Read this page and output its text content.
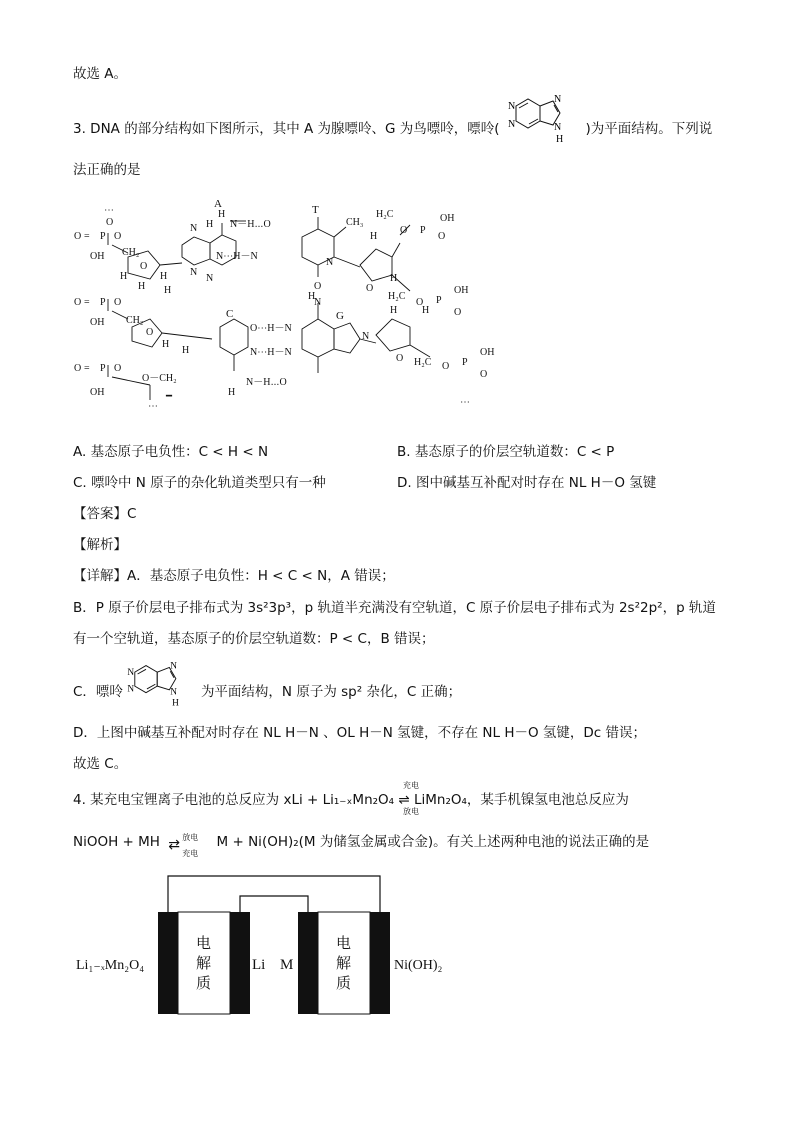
故选 A。
3. DNA 的部分结构如下图所示，其中 A 为腺嘌呤、G 为鸟嘌呤，嘌呤(	)为平面结构。下列说
N
N
N
N
H
法正确的是
⋯
O
O = P O
OH CH₂
O
H	H
H H
A
H
H N－H⋯O
N
N⋯H－N
N
N
T
CH₃
O
N
H₂C
O P
OH
O
H
H
O
H₂C
O P
OH
O
O = P O
OH CH₂
O
H
H
C
O⋯H－N
H
N
G
N⋯H－N
N－H⋯O
H
N
H H
O H₂C O P
OH
O
⋯
O = P O
OH
O－CH₂
━
⋯
A. 基态原子电负性：C < H < N	B. 基态原子的价层空轨道数：C < P
C. 嘌呤中 N 原子的杂化轨道类型只有一种	D. 图中碱基互补配对时存在 NL H－O 氢键
【答案】C
【解析】
【详解】A．基态原子电负性：H < C < N，A 错误；
B．P 原子价层电子排布式为 3s²3p³，p 轨道半充满没有空轨道，C 原子价层电子排布式为 2s²2p²，p 轨道
有一个空轨道，基态原子的价层空轨道数：P < C，B 错误；
C．嘌呤	为平面结构，N 原子为 sp² 杂化，C 正确；
N
N
N
N
H
D．上图中碱基互补配对时存在 NL H－N 、OL H－N 氢键，不存在 NL H－O 氢键，Dc 错误；
故选 C。
4. 某充电宝锂离子电池的总反应为 xLi + Li₁₋ₓMn₂O₄ ⇌ LiMn₂O₄，某手机镍氢电池总反应为
充电
放电
NiOOH + MH ⇄ 放电
充电
M + Ni(OH)₂(M 为储氢金属或合金)。有关上述两种电池的说法正确的是
电
解
质
电
解
质
Li₁₋ₓMn₂O₄	Li M	Ni(OH)₂
